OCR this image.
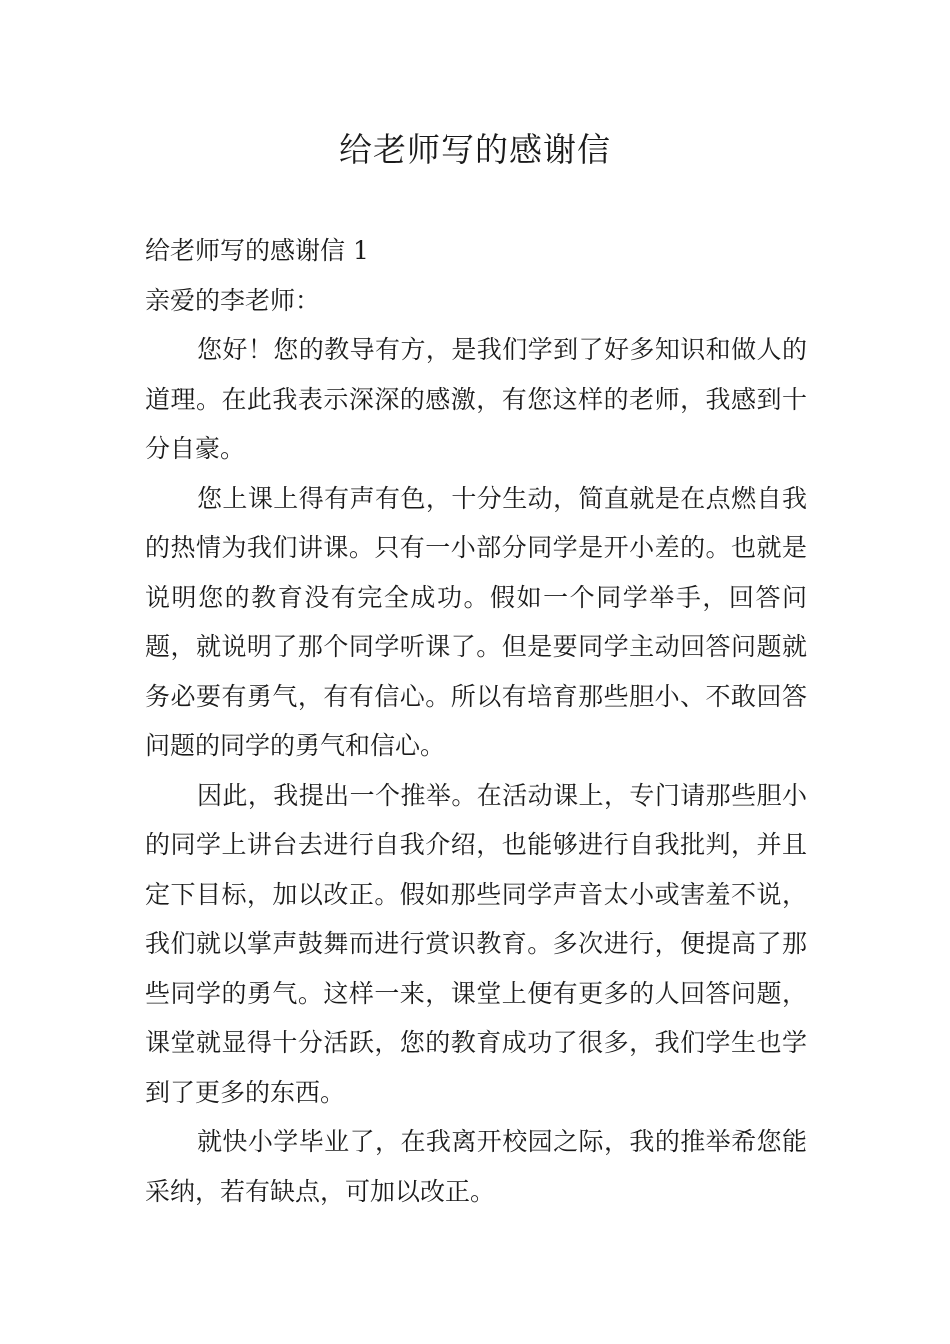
给老师写的感谢信

给老师写的感谢信 1

亲爱的李老师：

您好！您的教导有方，是我们学到了好多知识和做人的道理。在此我表示深深的感激，有您这样的老师，我感到十分自豪。

您上课上得有声有色，十分生动，简直就是在点燃自我的热情为我们讲课。只有一小部分同学是开小差的。也就是说明您的教育没有完全成功。假如一个同学举手，回答问题，就说明了那个同学听课了。但是要同学主动回答问题就务必要有勇气，有有信心。所以有培育那些胆小、不敢回答问题的同学的勇气和信心。

因此，我提出一个推举。在活动课上，专门请那些胆小的同学上讲台去进行自我介绍，也能够进行自我批判，并且定下目标，加以改正。假如那些同学声音太小或害羞不说，我们就以掌声鼓舞而进行赏识教育。多次进行，便提高了那些同学的勇气。这样一来，课堂上便有更多的人回答问题，课堂就显得十分活跃，您的教育成功了很多，我们学生也学到了更多的东西。

就快小学毕业了，在我离开校园之际，我的推举希您能采纳，若有缺点，可加以改正。
